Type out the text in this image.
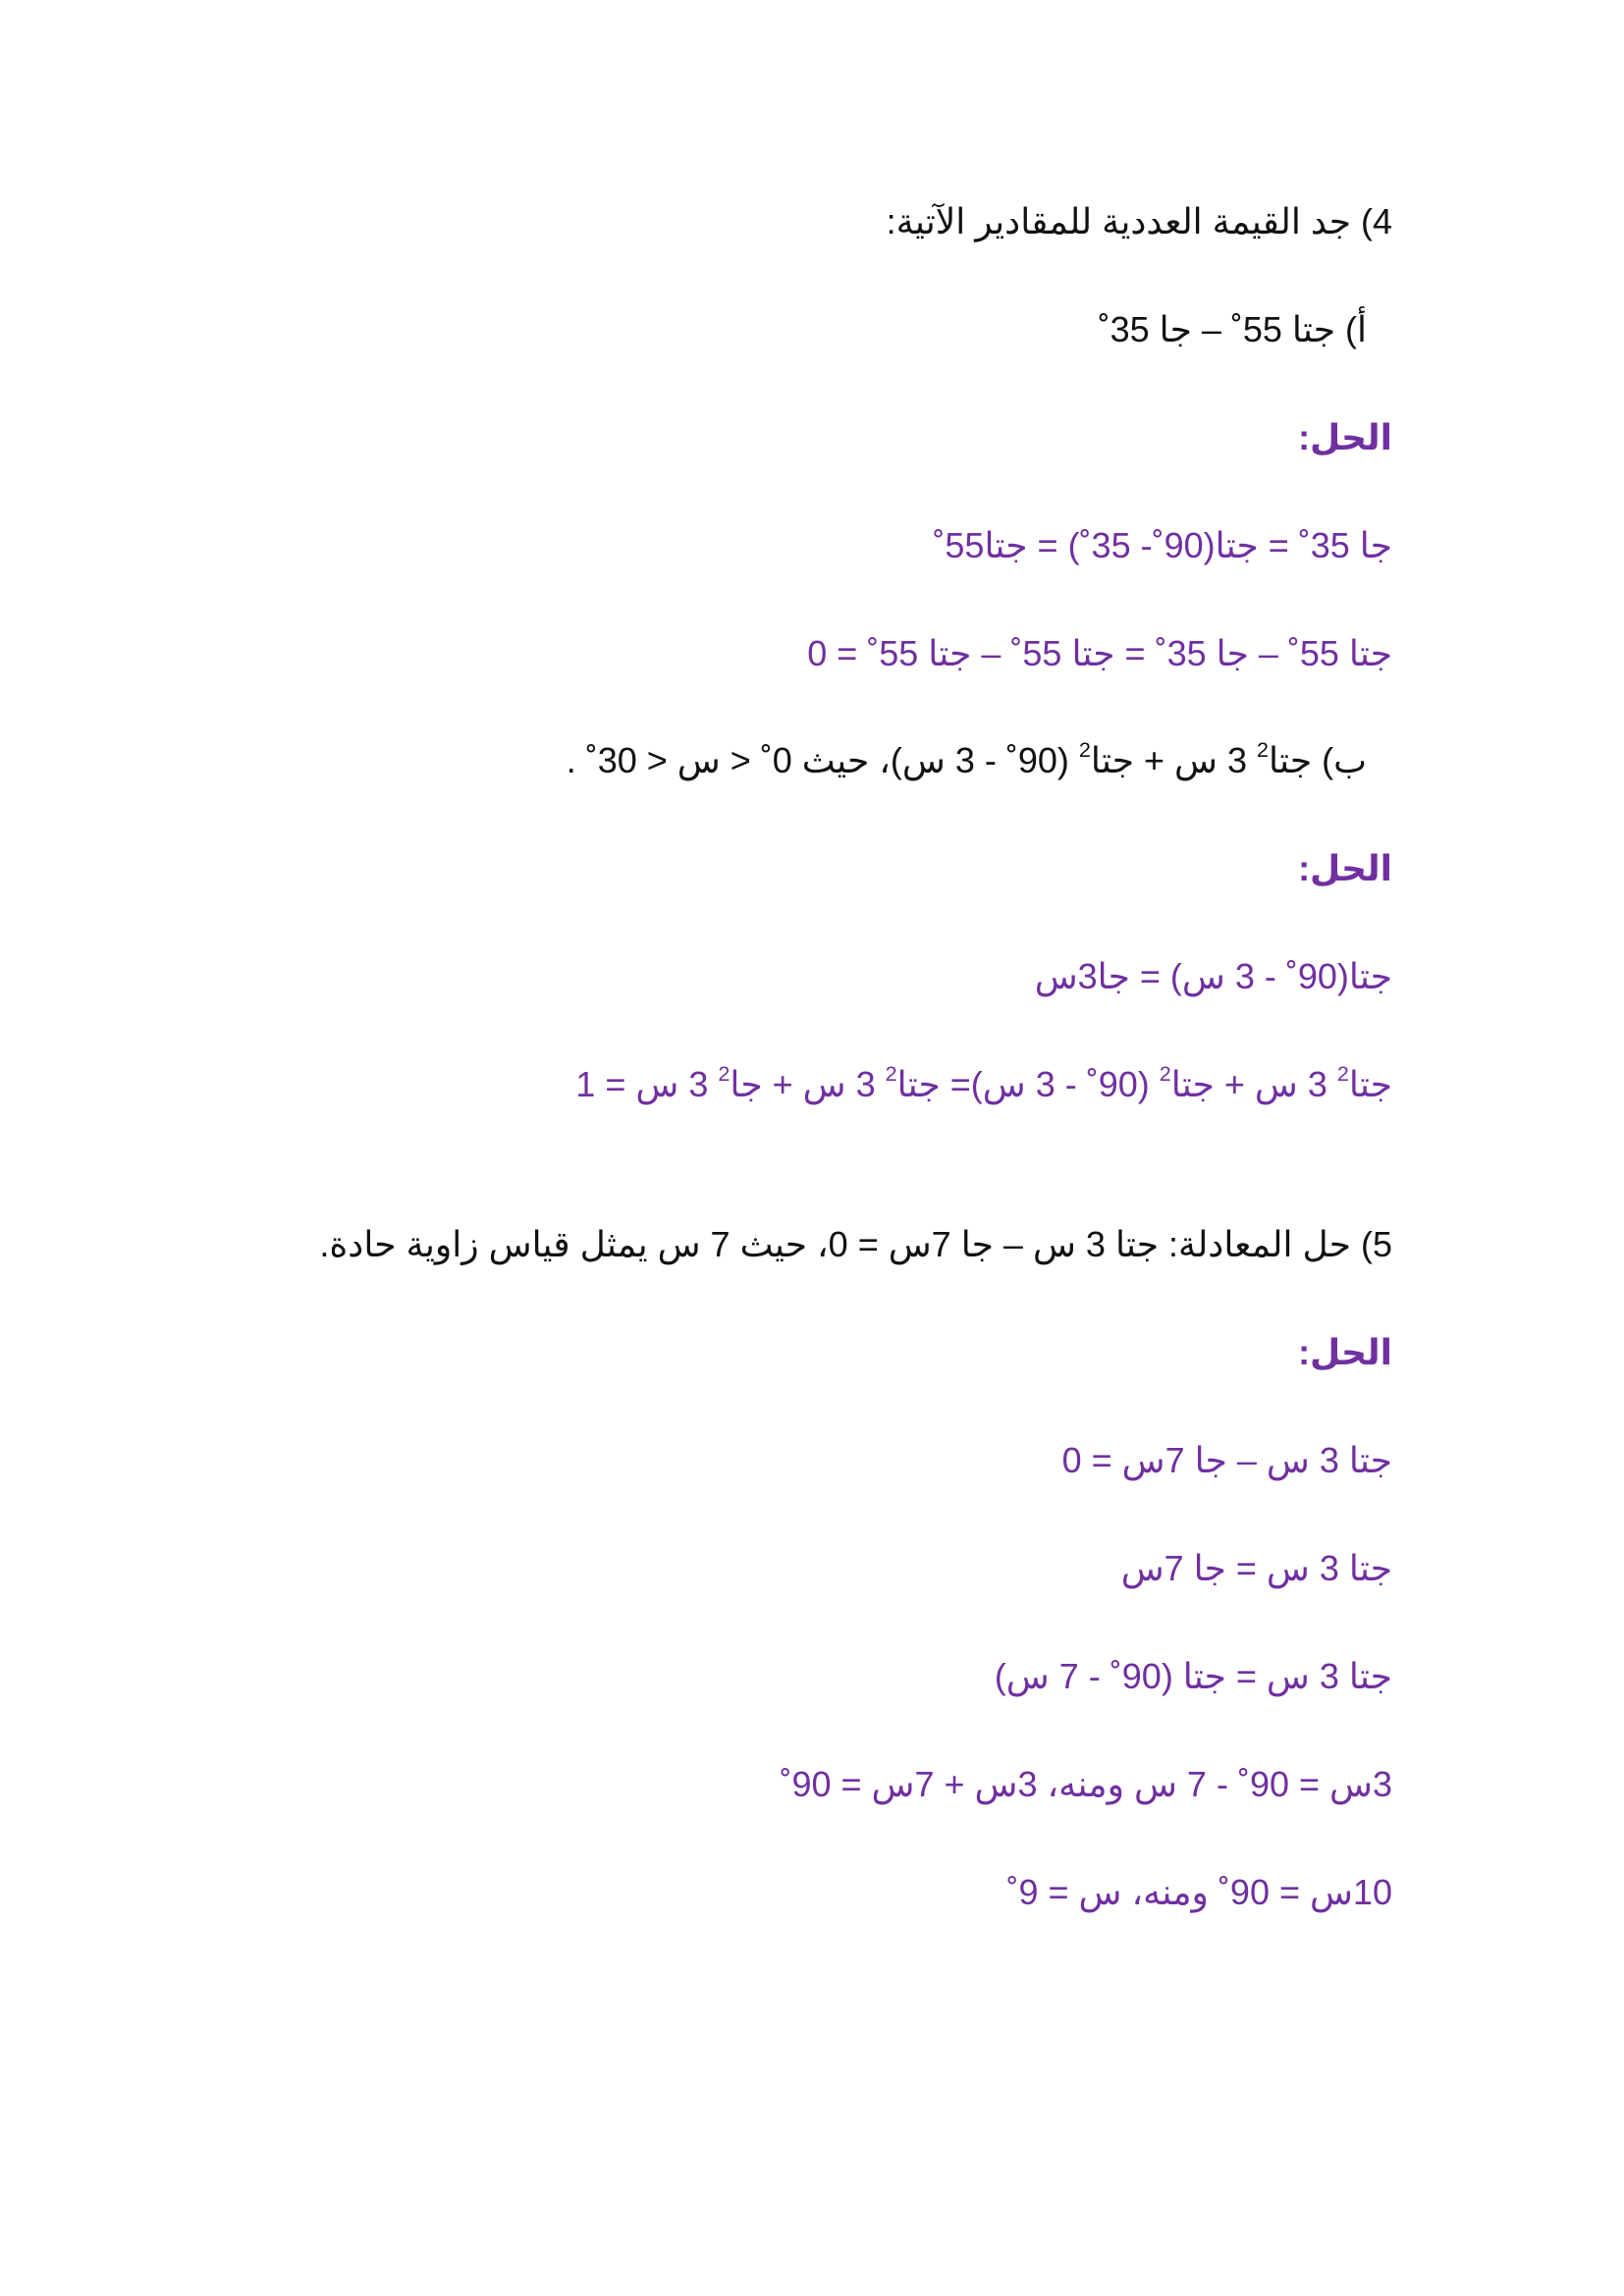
4) جد القيمة العددية للمقادير الآتية:
أ) جتا 55˚ – جا 35˚
الحل:
جا 35˚ = جتا(90˚- 35˚) = جتا55˚
جتا 55˚ – جا 35˚ = جتا 55˚ – جتا 55˚ = 0
ب) جتا$^2$ 3 س + جتا$^2$ (90˚ - 3 س)، حيث 0˚ < س < 30˚ .
الحل:
جتا(90˚ - 3 س) = جا3س
جتا$^2$ 3 س + جتا$^2$ (90˚ - 3 س)= جتا$^2$ 3 س + جا$^2$ 3 س = 1
5) حل المعادلة: جتا 3 س – جا 7س = 0، حيث 7 س يمثل قياس زاوية حادة.
الحل:
جتا 3 س – جا 7س = 0
جتا 3 س = جا 7س
جتا 3 س = جتا (90˚ - 7 س)
3س = 90˚ - 7 س ومنه، 3س + 7س = 90˚
10س = 90˚ ومنه، س = 9˚
